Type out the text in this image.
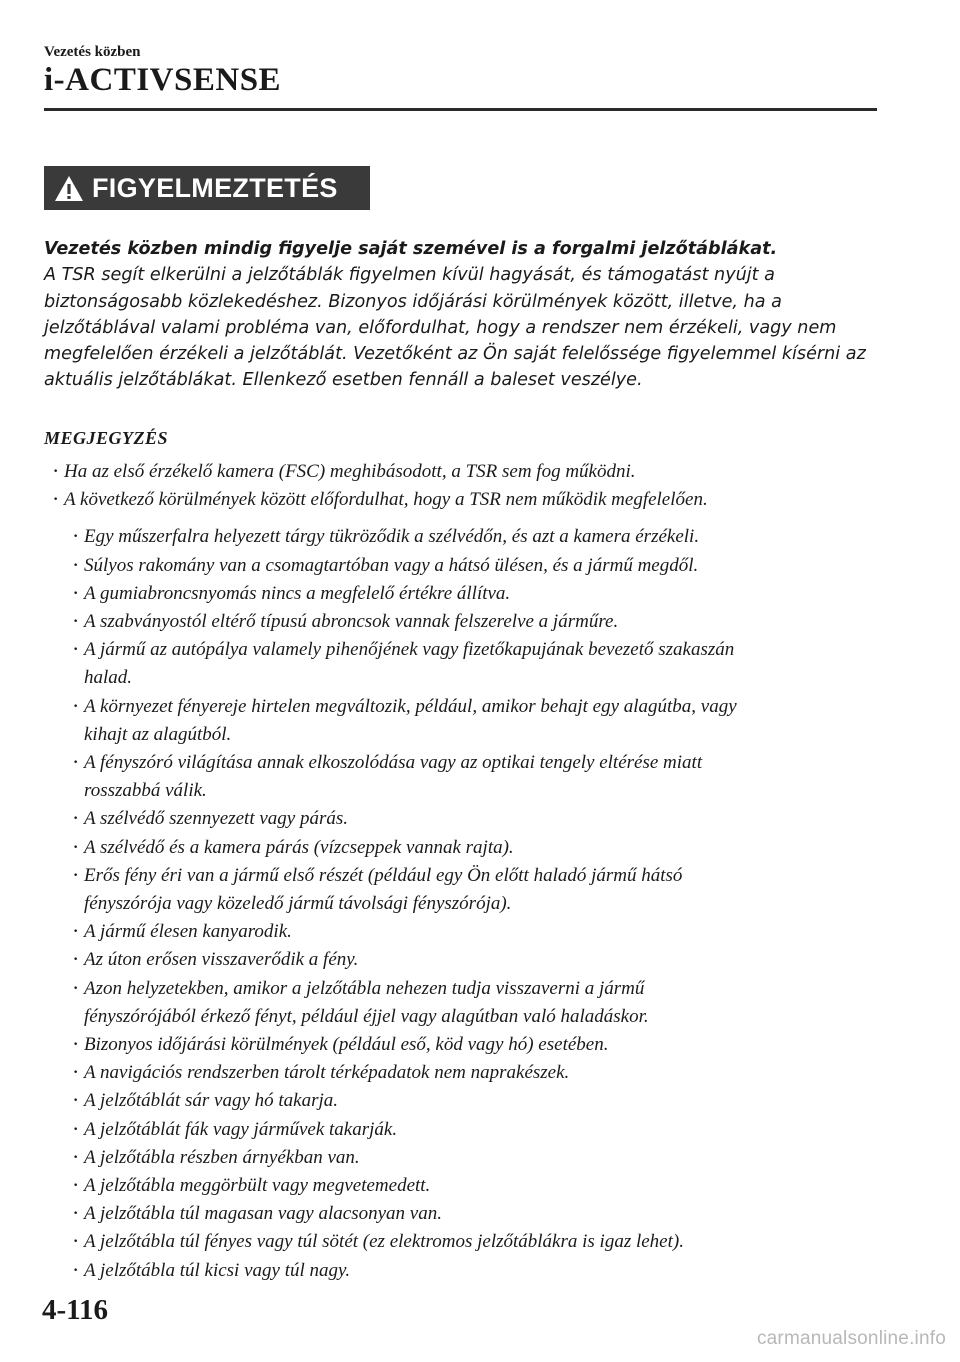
Vezetés közben
i-ACTIVSENSE
FIGYELMEZTETÉS
Vezetés közben mindig figyelje saját szemével is a forgalmi jelzőtáblákat.
A TSR segít elkerülni a jelzőtáblák figyelmen kívül hagyását, és támogatást nyújt a
biztonságosabb közlekedéshez. Bizonyos időjárási körülmények között, illetve, ha a
jelzőtáblával valami probléma van, előfordulhat, hogy a rendszer nem érzékeli, vagy nem
megfelelően érzékeli a jelzőtáblát. Vezetőként az Ön saját felelőssége figyelemmel kísérni az
aktuális jelzőtáblákat. Ellenkező esetben fennáll a baleset veszélye.
MEGJEGYZÉS
· Ha az első érzékelő kamera (FSC) meghibásodott, a TSR sem fog működni.
· A következő körülmények között előfordulhat, hogy a TSR nem működik megfelelően.
· Egy műszerfalra helyezett tárgy tükröződik a szélvédőn, és azt a kamera érzékeli.
· Súlyos rakomány van a csomagtartóban vagy a hátsó ülésen, és a jármű megdől.
· A gumiabroncsnyomás nincs a megfelelő értékre állítva.
· A szabványostól eltérő típusú abroncsok vannak felszerelve a járműre.
· A jármű az autópálya valamely pihenőjének vagy fizetőkapujának bevezető szakaszán
halad.
· A környezet fényereje hirtelen megváltozik, például, amikor behajt egy alagútba, vagy
kihajt az alagútból.
· A fényszóró világítása annak elkoszolódása vagy az optikai tengely eltérése miatt
rosszabbá válik.
· A szélvédő szennyezett vagy párás.
· A szélvédő és a kamera párás (vízcseppek vannak rajta).
· Erős fény éri van a jármű első részét (például egy Ön előtt haladó jármű hátsó
fényszórója vagy közeledő jármű távolsági fényszórója).
· A jármű élesen kanyarodik.
· Az úton erősen visszaverődik a fény.
· Azon helyzetekben, amikor a jelzőtábla nehezen tudja visszaverni a jármű
fényszórójából érkező fényt, például éjjel vagy alagútban való haladáskor.
· Bizonyos időjárási körülmények (például eső, köd vagy hó) esetében.
· A navigációs rendszerben tárolt térképadatok nem naprakészek.
· A jelzőtáblát sár vagy hó takarja.
· A jelzőtáblát fák vagy járművek takarják.
· A jelzőtábla részben árnyékban van.
· A jelzőtábla meggörbült vagy megvetemedett.
· A jelzőtábla túl magasan vagy alacsonyan van.
· A jelzőtábla túl fényes vagy túl sötét (ez elektromos jelzőtáblákra is igaz lehet).
· A jelzőtábla túl kicsi vagy túl nagy.
4-116
carmanualsonline.info
